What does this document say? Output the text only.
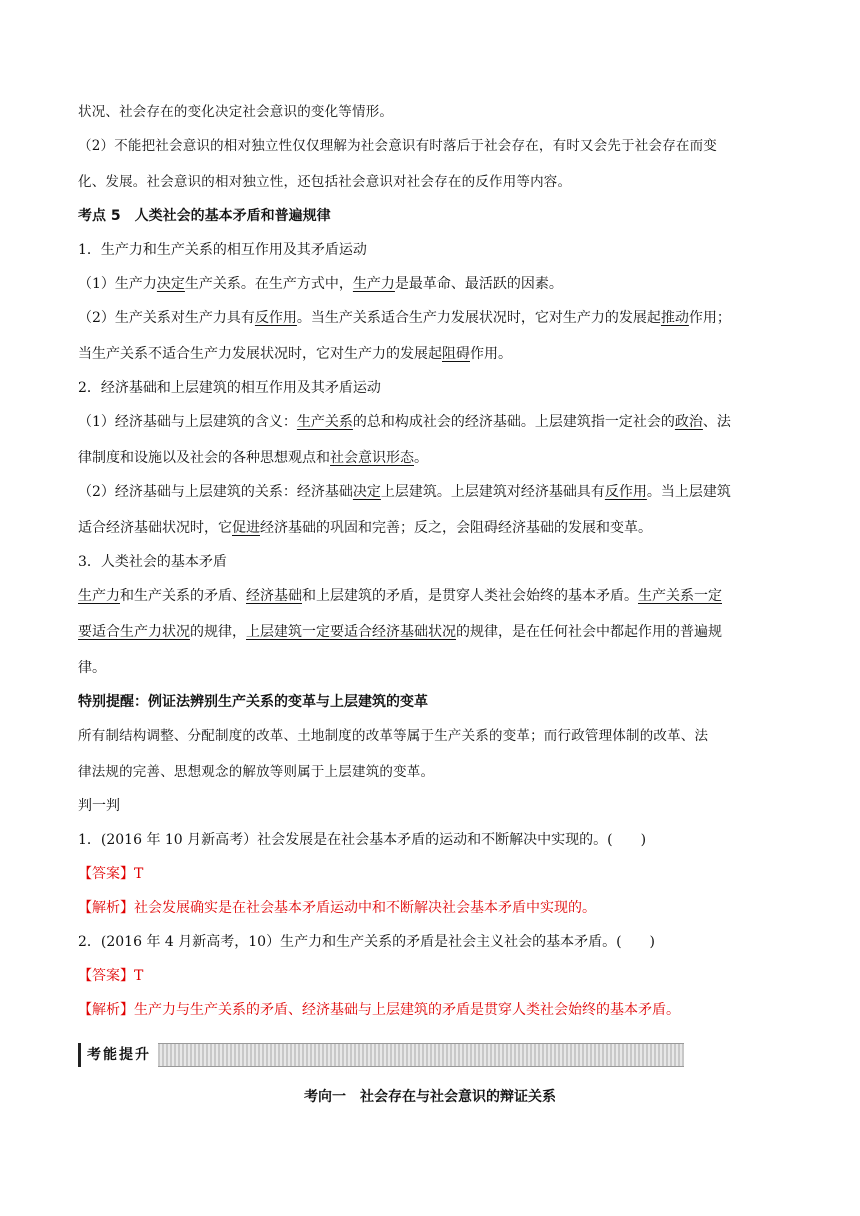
状况、社会存在的变化决定社会意识的变化等情形。

（2）不能把社会意识的相对独立性仅仅理解为社会意识有时落后于社会存在，有时又会先于社会存在而变

化、发展。社会意识的相对独立性，还包括社会意识对社会存在的反作用等内容。

考点 5　人类社会的基本矛盾和普遍规律

1．生产力和生产关系的相互作用及其矛盾运动

（1）生产力决定生产关系。在生产方式中，生产力是最革命、最活跃的因素。

（2）生产关系对生产力具有反作用。当生产关系适合生产力发展状况时，它对生产力的发展起推动作用；

当生产关系不适合生产力发展状况时，它对生产力的发展起阻碍作用。

2．经济基础和上层建筑的相互作用及其矛盾运动

（1）经济基础与上层建筑的含义：生产关系的总和构成社会的经济基础。上层建筑指一定社会的政治、法

律制度和设施以及社会的各种思想观点和社会意识形态。

（2）经济基础与上层建筑的关系：经济基础决定上层建筑。上层建筑对经济基础具有反作用。当上层建筑

适合经济基础状况时，它促进经济基础的巩固和完善；反之，会阻碍经济基础的发展和变革。

3．人类社会的基本矛盾

生产力和生产关系的矛盾、经济基础和上层建筑的矛盾，是贯穿人类社会始终的基本矛盾。生产关系一定

要适合生产力状况的规律，上层建筑一定要适合经济基础状况的规律，是在任何社会中都起作用的普遍规

律。

特别提醒：例证法辨别生产关系的变革与上层建筑的变革

所有制结构调整、分配制度的改革、土地制度的改革等属于生产关系的变革；而行政管理体制的改革、法

律法规的完善、思想观念的解放等则属于上层建筑的变革。

判一判

1．(2016 年 10 月新高考）社会发展是在社会基本矛盾的运动和不断解决中实现的。(　　)

【答案】T

【解析】社会发展确实是在社会基本矛盾运动中和不断解决社会基本矛盾中实现的。

2．(2016 年 4 月新高考，10）生产力和生产关系的矛盾是社会主义社会的基本矛盾。(　　)

【答案】T

【解析】生产力与生产关系的矛盾、经济基础与上层建筑的矛盾是贯穿人类社会始终的基本矛盾。

考能提升
考向一　社会存在与社会意识的辩证关系
